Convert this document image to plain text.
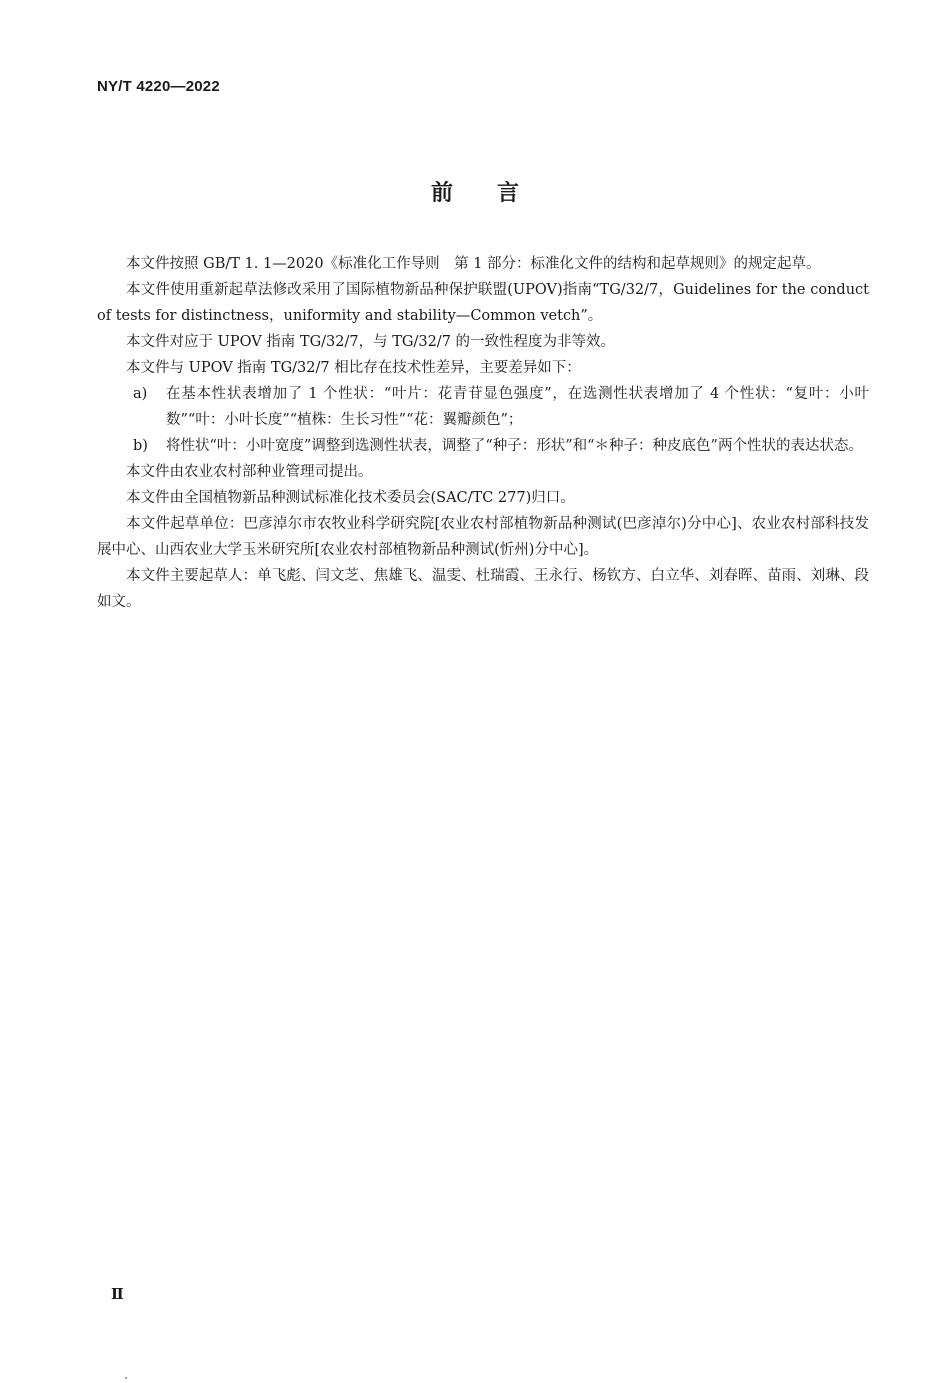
NY/T 4220—2022
前言

本文件按照 GB/T 1. 1—2020《标准化工作导则　第 1 部分：标准化文件的结构和起草规则》的规定起草。

本文件使用重新起草法修改采用了国际植物新品种保护联盟(UPOV)指南“TG/32/7，Guidelines for the conduct of tests for distinctness，uniformity and stability—Common vetch”。

本文件对应于 UPOV 指南 TG/32/7，与 TG/32/7 的一致性程度为非等效。

本文件与 UPOV 指南 TG/32/7 相比存在技术性差异，主要差异如下：

a)	在基本性状表增加了 1 个性状：“叶片：花青苷显色强度”，在选测性状表增加了 4 个性状：“复叶：小叶数”“叶：小叶长度”“植株：生长习性”“花：翼瓣颜色”；
b)	将性状“叶：小叶宽度”调整到选测性状表，调整了“种子：形状”和“＊种子：种皮底色”两个性状的表达状态。

本文件由农业农村部种业管理司提出。

本文件由全国植物新品种测试标准化技术委员会(SAC/TC 277)归口。

本文件起草单位：巴彦淖尔市农牧业科学研究院[农业农村部植物新品种测试(巴彦淖尔)分中心]、农业农村部科技发展中心、山西农业大学玉米研究所[农业农村部植物新品种测试(忻州)分中心]。

本文件主要起草人：单飞彪、闫文芝、焦雄飞、温雯、杜瑞霞、王永行、杨钦方、白立华、刘春晖、苗雨、刘琳、段如文。

Ⅱ
